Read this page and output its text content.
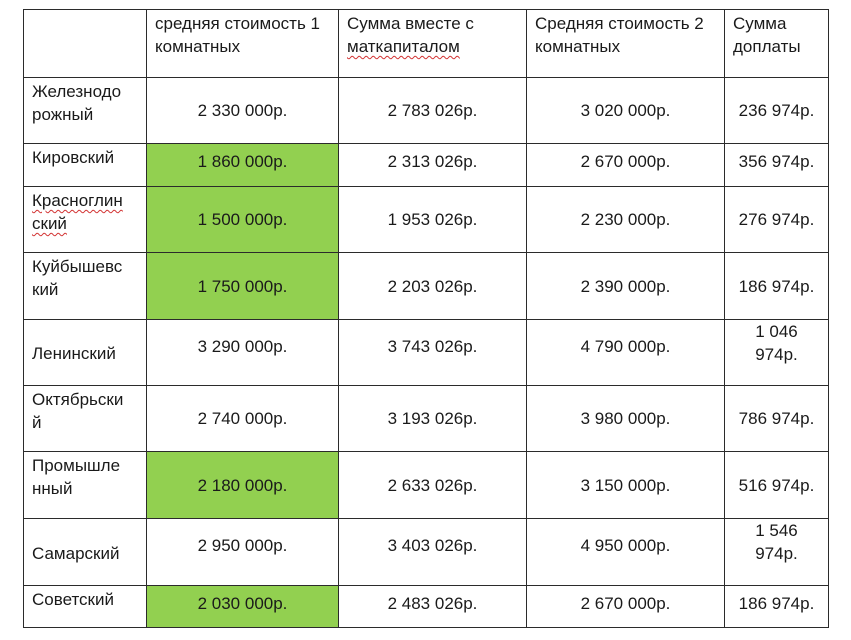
	средняя стоимость 1 комнатных	Сумма вместе с
маткапиталом	Средняя стоимость 2 комнатных	Сумма доплаты

Железнодо
рожный	2 330 000р.	2 783 026р.	3 020 000р.	236 974р.
Кировский	1 860 000р.	2 313 026р.	2 670 000р.	356 974р.

Красноглин
ский	1 500 000р.	1 953 026р.	2 230 000р.	276 974р.

Куйбышевс
кий	1 750 000р.	2 203 026р.	2 390 000р.	186 974р.
Ленинский	3 290 000р.	3 743 026р.	4 790 000р.	1 046
974р.

Октябрьски
й	2 740 000р.	3 193 026р.	3 980 000р.	786 974р.

Промышле
нный	2 180 000р.	2 633 026р.	3 150 000р.	516 974р.
Самарский	2 950 000р.	3 403 026р.	4 950 000р.	1 546
974р.

Советский	2 030 000р.	2 483 026р.	2 670 000р.	186 974р.
